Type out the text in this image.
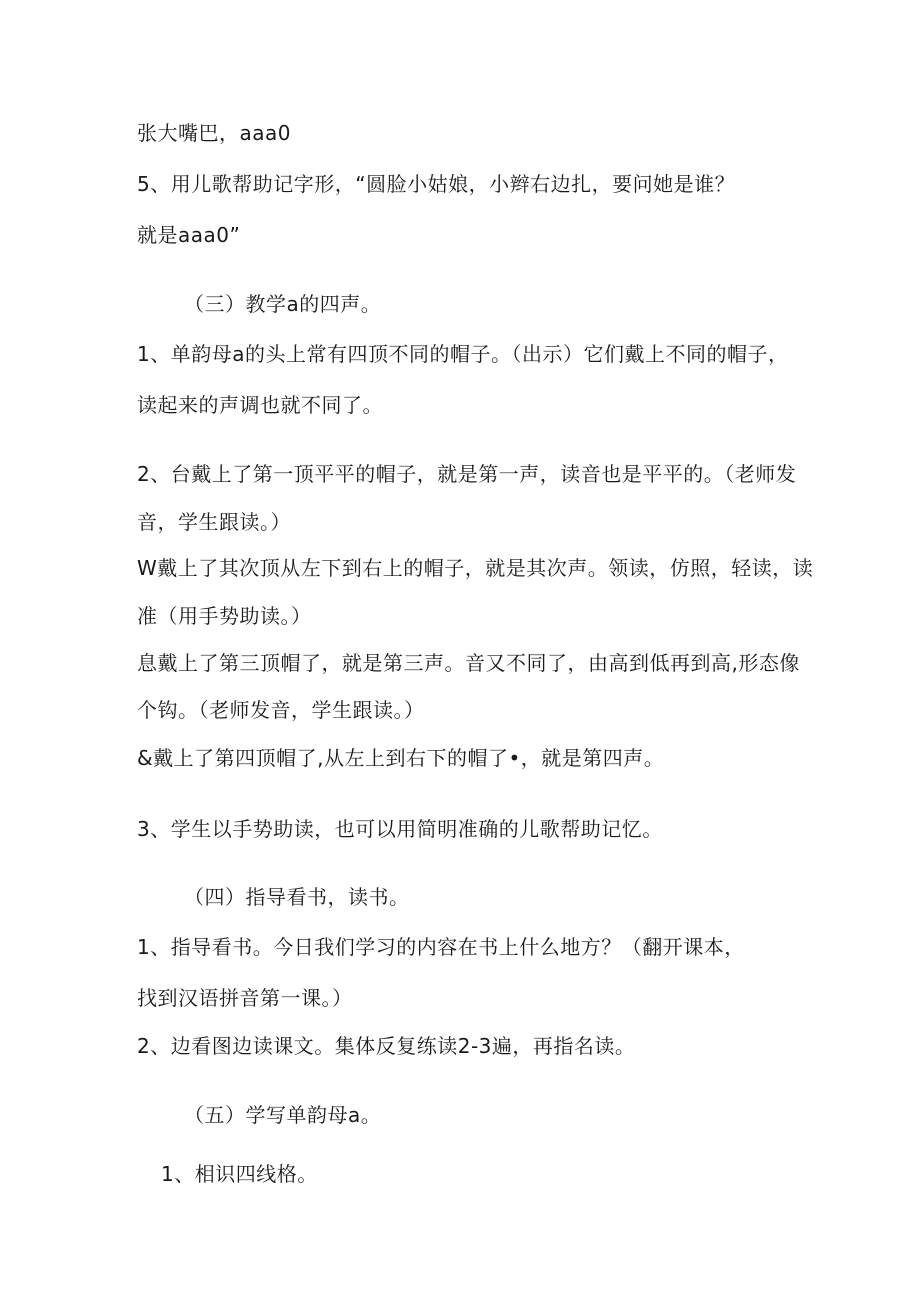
张大嘴巴，aaa0
5、用儿歌帮助记字形，“圆脸小姑娘，小辫右边扎，要问她是谁？
就是aaa0”
（三）教学a的四声。
1、单韵母a的头上常有四顶不同的帽子。（出示）它们戴上不同的帽子，
读起来的声调也就不同了。
2、台戴上了第一顶平平的帽子，就是第一声，读音也是平平的。（老师发
音，学生跟读。）
W戴上了其次顶从左下到右上的帽子，就是其次声。领读，仿照，轻读，读
准（用手势助读。）
息戴上了第三顶帽了，就是第三声。音又不同了，由高到低再到高,形态像
个钩。（老师发音，学生跟读。）
&戴上了第四顶帽了,从左上到右下的帽了•，就是第四声。
3、学生以手势助读，也可以用简明准确的儿歌帮助记忆。
（四）指导看书，读书。
1、指导看书。今日我们学习的内容在书上什么地方？（翻开课本，
找到汉语拼音第一课。）
2、边看图边读课文。集体反复练读2-3遍，再指名读。
（五）学写单韵母a。
1、相识四线格。
